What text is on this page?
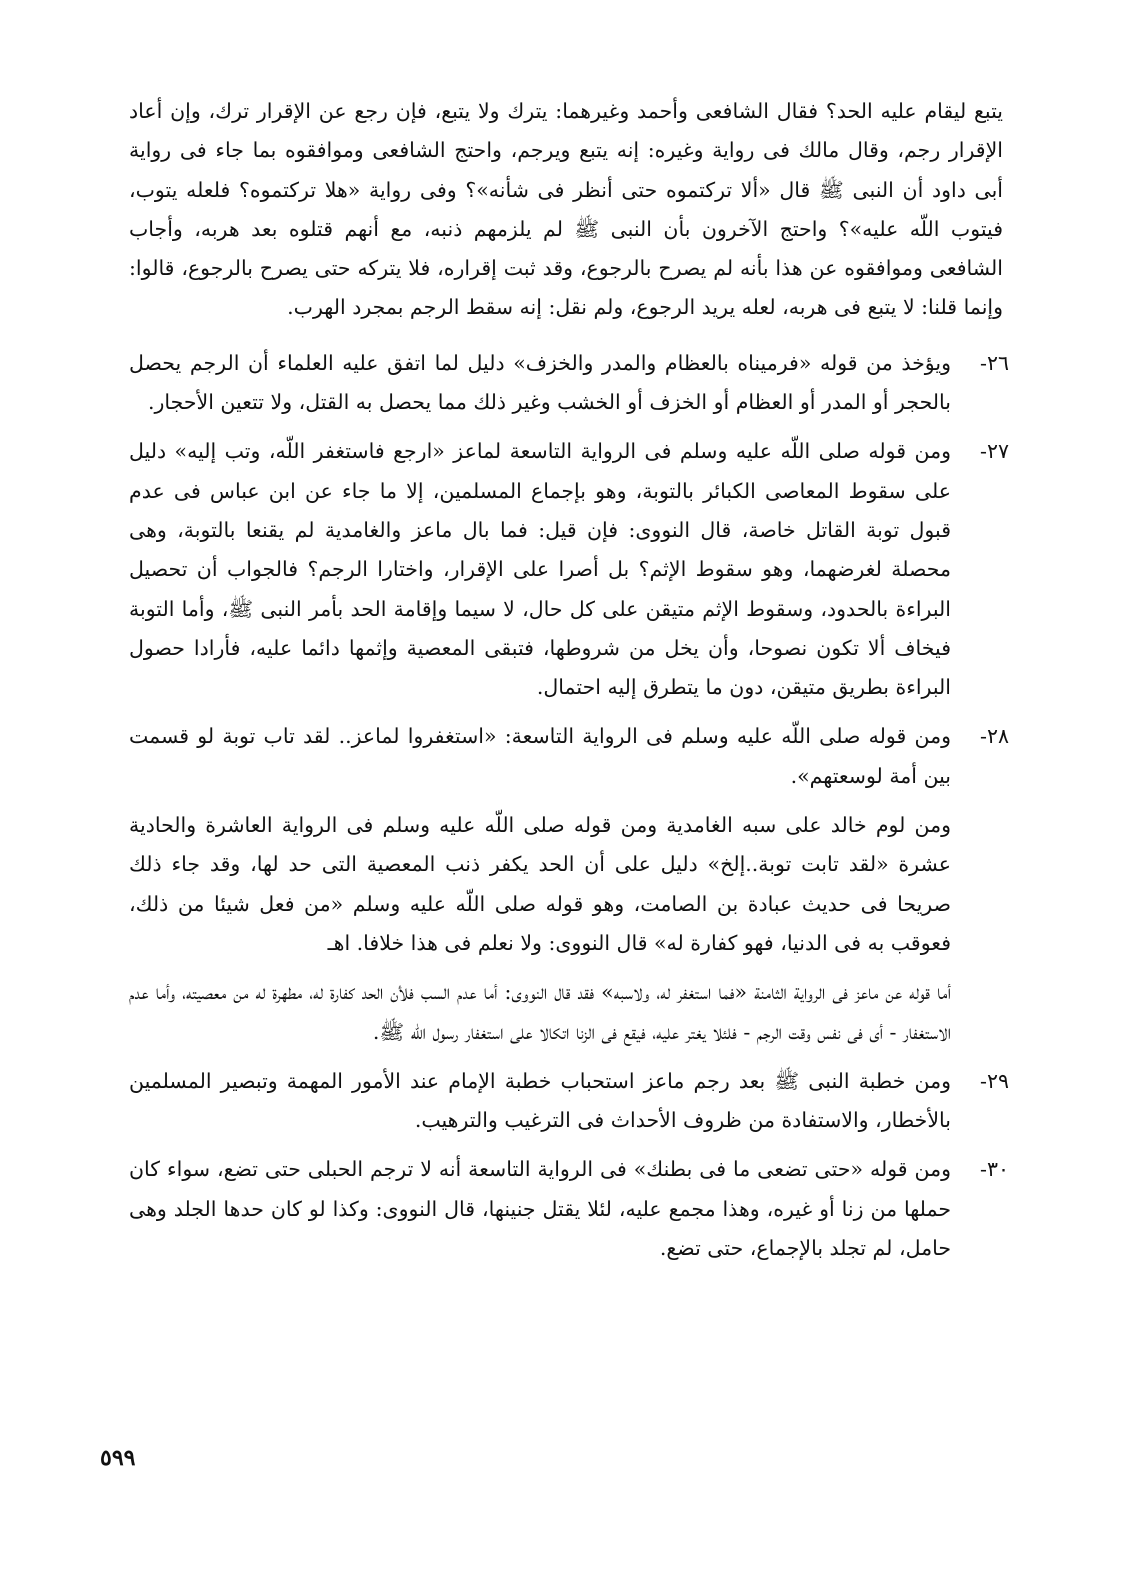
يتبع ليقام عليه الحد؟ فقال الشافعى وأحمد وغيرهما: يترك ولا يتبع، فإن رجع عن الإقرار ترك، وإن أعاد الإقرار رجم، وقال مالك فى رواية وغيره: إنه يتبع ويرجم، واحتج الشافعى وموافقوه بما جاء فى رواية أبى داود أن النبى ﷺ قال «ألا تركتموه حتى أنظر فى شأنه»؟ وفى رواية «هلا تركتموه؟ فلعله يتوب، فيتوب اللّه عليه»؟ واحتج الآخرون بأن النبى ﷺ لم يلزمهم ذنبه، مع أنهم قتلوه بعد هربه، وأجاب الشافعى وموافقوه عن هذا بأنه لم يصرح بالرجوع، وقد ثبت إقراره، فلا يتركه حتى يصرح بالرجوع، قالوا: وإنما قلنا: لا يتبع فى هربه، لعله يريد الرجوع، ولم نقل: إنه سقط الرجم بمجرد الهرب.

٢٦-
ويؤخذ من قوله «فرميناه بالعظام والمدر والخزف» دليل لما اتفق عليه العلماء أن الرجم يحصل بالحجر أو المدر أو العظام أو الخزف أو الخشب وغير ذلك مما يحصل به القتل، ولا تتعين الأحجار.
٢٧-
ومن قوله صلى اللّه عليه وسلم فى الرواية التاسعة لماعز «ارجع فاستغفر اللّه، وتب إليه» دليل على سقوط المعاصى الكبائر بالتوبة، وهو بإجماع المسلمين، إلا ما جاء عن ابن عباس فى عدم قبول توبة القاتل خاصة، قال النووى: فإن قيل: فما بال ماعز والغامدية لم يقنعا بالتوبة، وهى محصلة لغرضهما، وهو سقوط الإثم؟ بل أصرا على الإقرار، واختارا الرجم؟ فالجواب أن تحصيل البراءة بالحدود، وسقوط الإثم متيقن على كل حال، لا سيما وإقامة الحد بأمر النبى ﷺ، وأما التوبة فيخاف ألا تكون نصوحا، وأن يخل من شروطها، فتبقى المعصية وإثمها دائما عليه، فأرادا حصول البراءة بطريق متيقن، دون ما يتطرق إليه احتمال.
٢٨-
ومن قوله صلى اللّه عليه وسلم فى الرواية التاسعة: «استغفروا لماعز.. لقد تاب توبة لو قسمت بين أمة لوسعتهم».

ومن لوم خالد على سبه الغامدية ومن قوله صلى اللّه عليه وسلم فى الرواية العاشرة والحادية عشرة «لقد تابت توبة..إلخ» دليل على أن الحد يكفر ذنب المعصية التى حد لها، وقد جاء ذلك صريحا فى حديث عبادة بن الصامت، وهو قوله صلى اللّه عليه وسلم «من فعل شيئا من ذلك، فعوقب به فى الدنيا، فهو كفارة له» قال النووى: ولا نعلم فى هذا خلافا. اهـ

أما قوله عن ماعز فى الرواية الثامنة «فما استغفر له، ولاسبه» فقد قال النووى: أما عدم السب فلأن الحد كفارة له، مطهرة له من معصيته، وأما عدم الاستغفار - أى فى نفس وقت الرجم - فلئلا يغتر عليه، فيقع فى الزنا اتكالا على استغفار رسول اللّه ﷺ.

٢٩-
ومن خطبة النبى ﷺ بعد رجم ماعز استحباب خطبة الإمام عند الأمور المهمة وتبصير المسلمين بالأخطار، والاستفادة من ظروف الأحداث فى الترغيب والترهيب.
٣٠-
ومن قوله «حتى تضعى ما فى بطنك» فى الرواية التاسعة أنه لا ترجم الحبلى حتى تضع، سواء كان حملها من زنا أو غيره، وهذا مجمع عليه، لئلا يقتل جنينها، قال النووى: وكذا لو كان حدها الجلد وهى حامل، لم تجلد بالإجماع، حتى تضع.
٥٩٩
